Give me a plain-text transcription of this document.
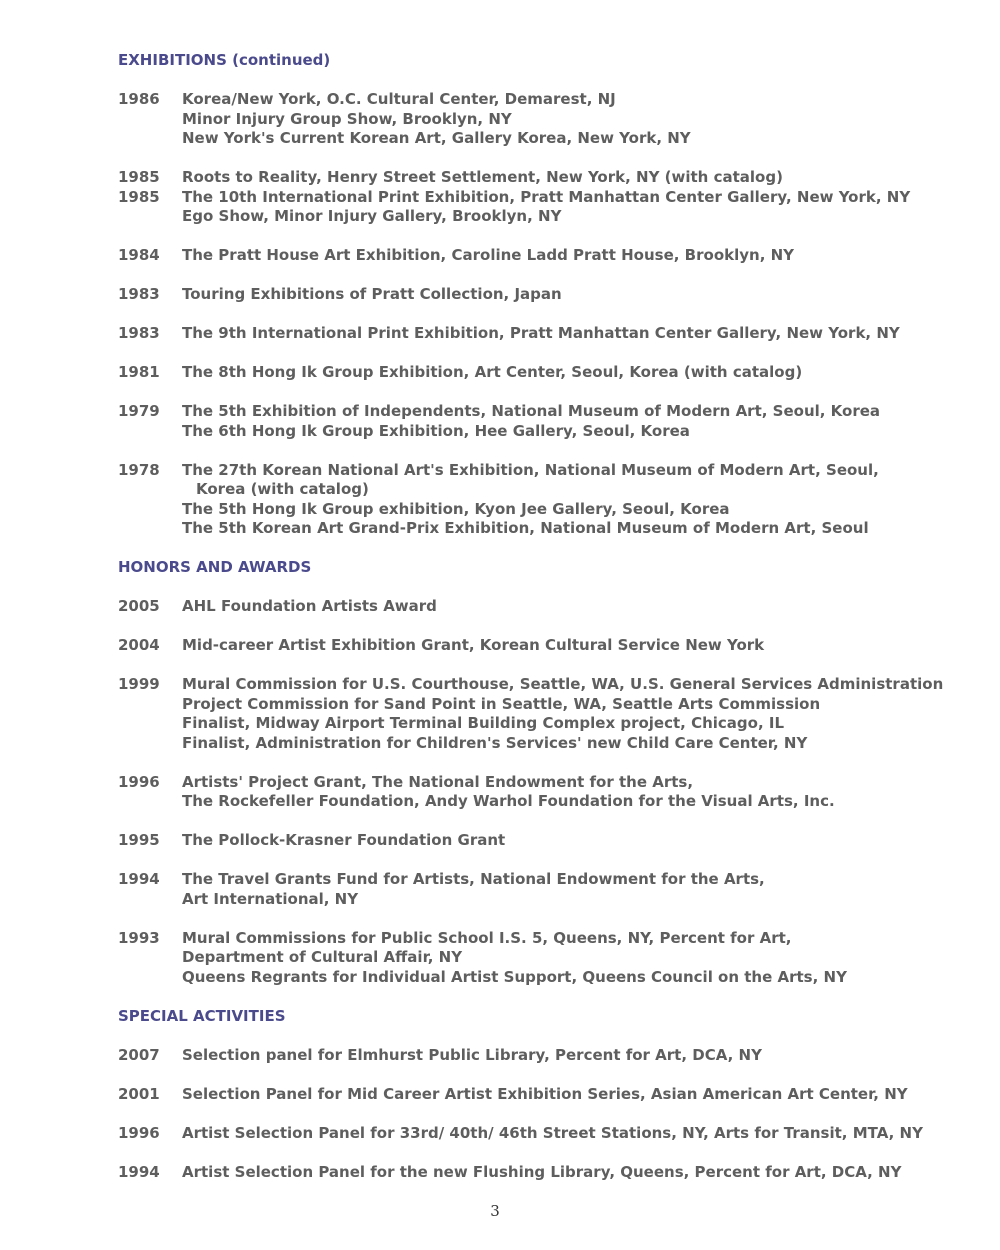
EXHIBITIONS (continued)
1986 Korea/New York, O.C. Cultural Center, Demarest, NJ
Minor Injury Group Show, Brooklyn, NY
New York's Current Korean Art, Gallery Korea, New York, NY
1985 Roots to Reality, Henry Street Settlement, New York, NY (with catalog)
1985 The 10th International Print Exhibition, Pratt Manhattan Center Gallery, New York, NY
Ego Show, Minor Injury Gallery, Brooklyn, NY
1984 The Pratt House Art Exhibition, Caroline Ladd Pratt House, Brooklyn, NY
1983 Touring Exhibitions of Pratt Collection, Japan
1983 The 9th International Print Exhibition, Pratt Manhattan Center Gallery, New York, NY
1981 The 8th Hong Ik Group Exhibition, Art Center, Seoul, Korea (with catalog)
1979 The 5th Exhibition of Independents, National Museum of Modern Art, Seoul, Korea
The 6th Hong Ik Group Exhibition, Hee Gallery, Seoul, Korea
1978 The 27th Korean National Art's Exhibition, National Museum of Modern Art, Seoul,
Korea (with catalog)
The 5th Hong Ik Group exhibition, Kyon Jee Gallery, Seoul, Korea
The 5th Korean Art Grand-Prix Exhibition, National Museum of Modern Art, Seoul
HONORS AND AWARDS
2005 AHL Foundation Artists Award
2004 Mid-career Artist Exhibition Grant, Korean Cultural Service New York
1999 Mural Commission for U.S. Courthouse, Seattle, WA, U.S. General Services Administration
Project Commission for Sand Point in Seattle, WA, Seattle Arts Commission
Finalist, Midway Airport Terminal Building Complex project, Chicago, IL
Finalist, Administration for Children's Services' new Child Care Center, NY
1996 Artists' Project Grant, The National Endowment for the Arts,
The Rockefeller Foundation, Andy Warhol Foundation for the Visual Arts, Inc.
1995 The Pollock-Krasner Foundation Grant
1994 The Travel Grants Fund for Artists, National Endowment for the Arts,
Art International, NY
1993 Mural Commissions for Public School I.S. 5, Queens, NY, Percent for Art,
Department of Cultural Affair, NY
Queens Regrants for Individual Artist Support, Queens Council on the Arts, NY
SPECIAL ACTIVITIES
2007 Selection panel for Elmhurst Public Library, Percent for Art, DCA, NY
2001 Selection Panel for Mid Career Artist Exhibition Series, Asian American Art Center, NY
1996 Artist Selection Panel for 33rd/ 40th/ 46th Street Stations, NY, Arts for Transit, MTA, NY
1994 Artist Selection Panel for the new Flushing Library, Queens, Percent for Art, DCA, NY
3
